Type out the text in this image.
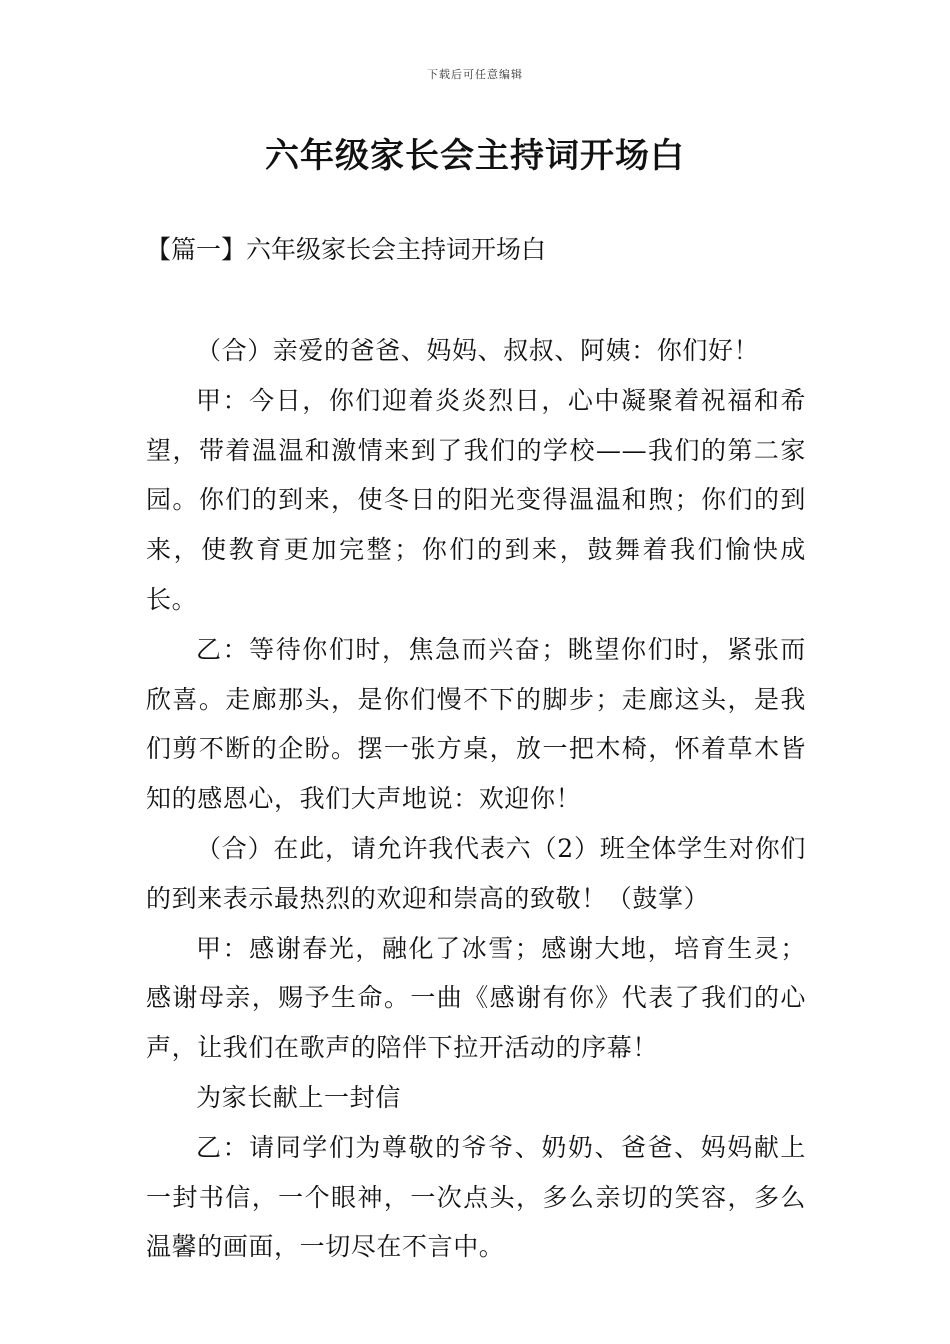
下载后可任意编辑
六年级家长会主持词开场白
【篇一】六年级家长会主持词开场白

（合）亲爱的爸爸、妈妈、叔叔、阿姨：你们好！

甲：今日，你们迎着炎炎烈日，心中凝聚着祝福和希望，带着温温和激情来到了我们的学校——我们的第二家园。你们的到来，使冬日的阳光变得温温和煦；你们的到来，使教育更加完整；你们的到来，鼓舞着我们愉快成长。

乙：等待你们时，焦急而兴奋；眺望你们时，紧张而欣喜。走廊那头，是你们慢不下的脚步；走廊这头，是我们剪不断的企盼。摆一张方桌，放一把木椅，怀着草木皆知的感恩心，我们大声地说：欢迎你！

（合）在此，请允许我代表六（2）班全体学生对你们的到来表示最热烈的欢迎和崇高的致敬！（鼓掌）

甲：感谢春光，融化了冰雪；感谢大地，培育生灵；感谢母亲，赐予生命。一曲《感谢有你》代表了我们的心声，让我们在歌声的陪伴下拉开活动的序幕！

为家长献上一封信

乙：请同学们为尊敬的爷爷、奶奶、爸爸、妈妈献上一封书信，一个眼神，一次点头，多么亲切的笑容，多么温馨的画面，一切尽在不言中。
